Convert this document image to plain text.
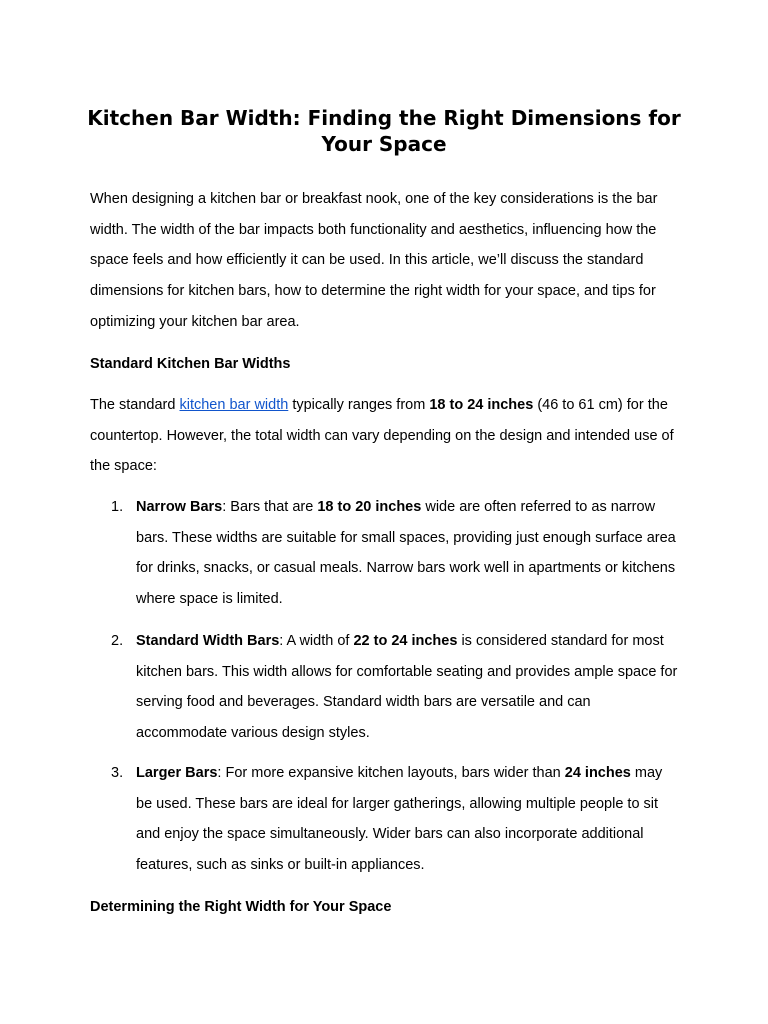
Kitchen Bar Width: Finding the Right Dimensions for Your Space

When designing a kitchen bar or breakfast nook, one of the key considerations is the bar width. The width of the bar impacts both functionality and aesthetics, influencing how the space feels and how efficiently it can be used. In this article, we’ll discuss the standard dimensions for kitchen bars, how to determine the right width for your space, and tips for optimizing your kitchen bar area.

Standard Kitchen Bar Widths

The standard kitchen bar width typically ranges from 18 to 24 inches (46 to 61 cm) for the countertop. However, the total width can vary depending on the design and intended use of the space:

1. Narrow Bars: Bars that are 18 to 20 inches wide are often referred to as narrow bars. These widths are suitable for small spaces, providing just enough surface area for drinks, snacks, or casual meals. Narrow bars work well in apartments or kitchens where space is limited.
2. Standard Width Bars: A width of 22 to 24 inches is considered standard for most kitchen bars. This width allows for comfortable seating and provides ample space for serving food and beverages. Standard width bars are versatile and can accommodate various design styles.
3. Larger Bars: For more expansive kitchen layouts, bars wider than 24 inches may be used. These bars are ideal for larger gatherings, allowing multiple people to sit and enjoy the space simultaneously. Wider bars can also incorporate additional features, such as sinks or built-in appliances.
Determining the Right Width for Your Space
